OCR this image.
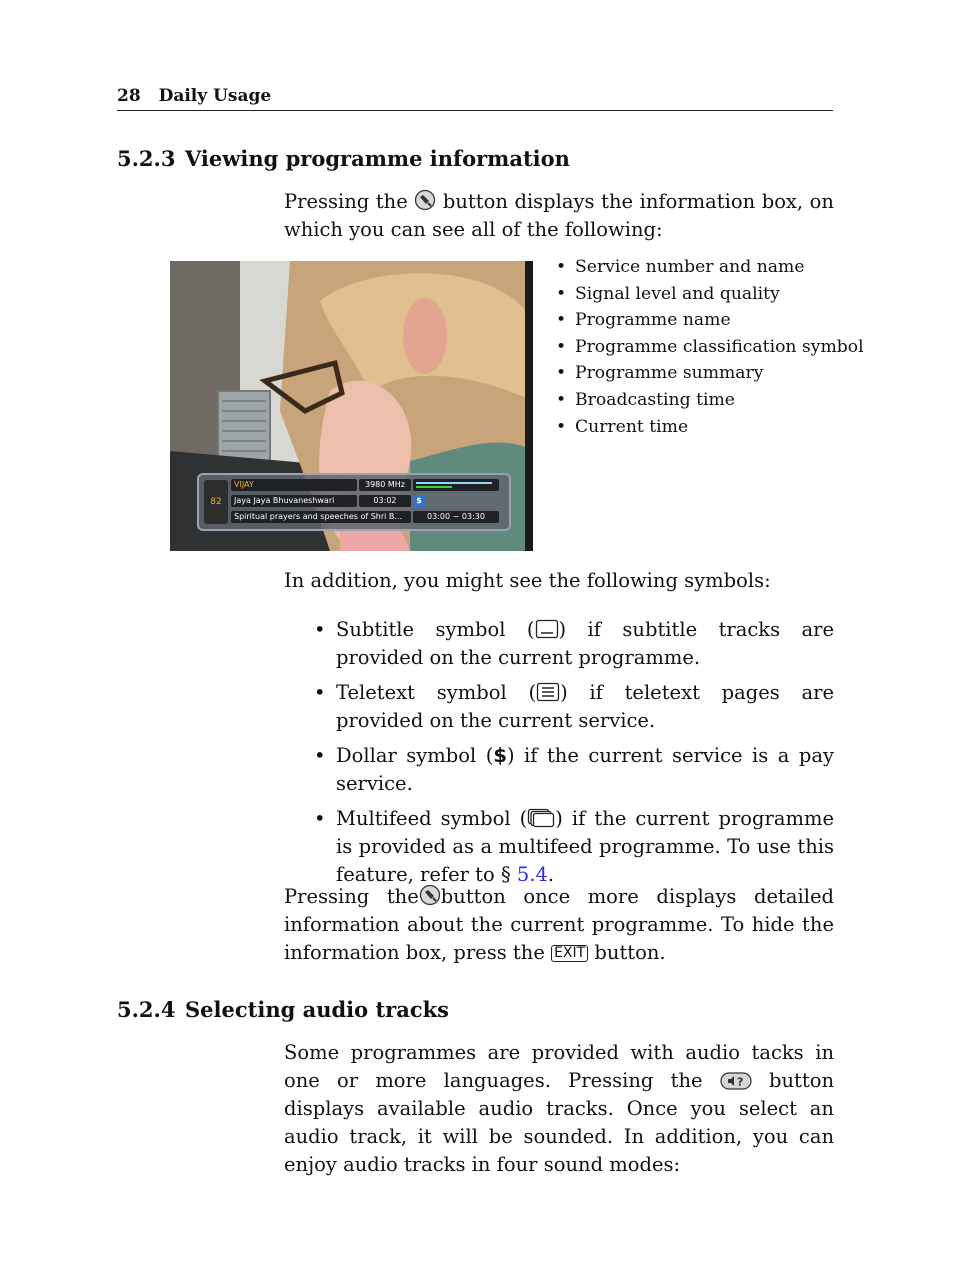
28 Daily Usage
5.2.3 Viewing programme information

Pressing the button displays the information box, on which you can see all of the following:

82
VIJAY	3980 MHz
Jaya Jaya Bhuvaneshwari	03:02
Spiritual prayers and speeches of Shri B...	03:00 ~ 03:30
$
• Service number and name
• Signal level and quality
• Programme name
• Programme classification symbol
• Programme summary
• Broadcasting time
• Current time

In addition, you might see the following symbols:

• Subtitle symbol ( ) if subtitle tracks are provided on the current programme.
• Teletext symbol ( ) if teletext pages are provided on the current service.
• Dollar symbol ($) if the current service is a pay service.
• Multifeed symbol ( ) if the current programme is provided as a multifeed programme. To use this feature, refer to § 5.4.

Pressing the button once more displays detailed information about the current programme. To hide the information box, press the EXIT button.

5.2.4 Selecting audio tracks

Some programmes are provided with audio tacks in one or more languages. Pressing the	? button displays available audio tracks. Once you select an audio track, it will be sounded. In addition, you can enjoy audio tracks in four sound modes:
